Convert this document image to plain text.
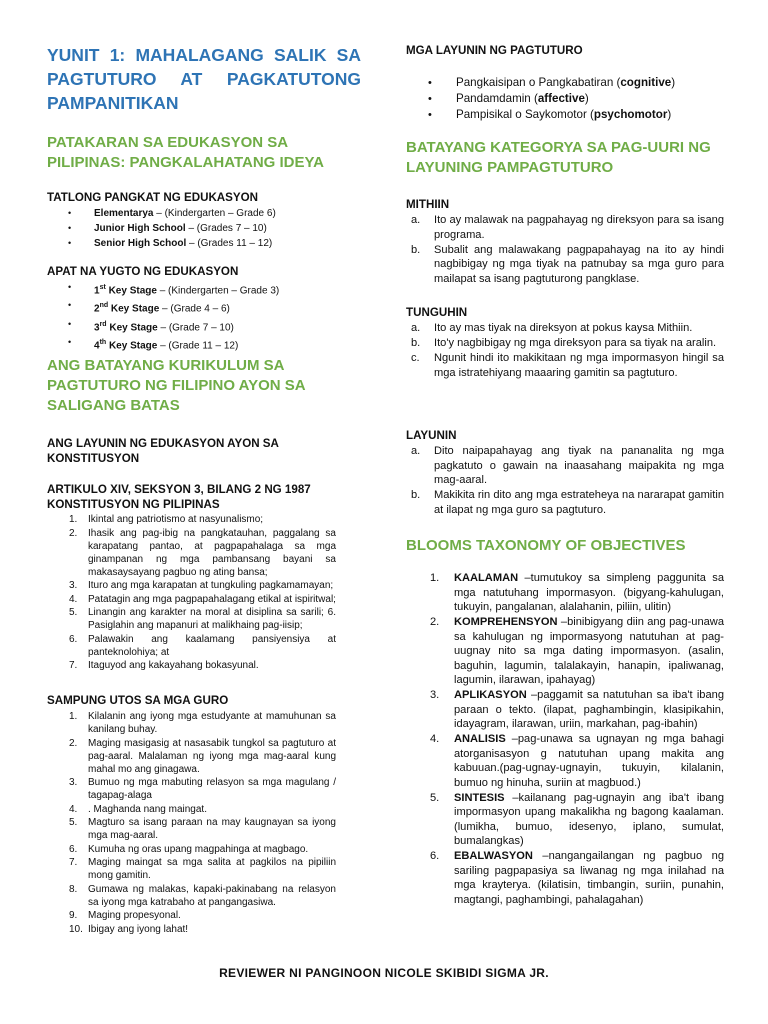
YUNIT 1: MAHALAGANG SALIK SA PAGTUTURO AT PAGKATUTONG PAMPANITIKAN
PATAKARAN SA EDUKASYON SA PILIPINAS: PANGKALAHATANG IDEYA
TATLONG PANGKAT NG EDUKASYON
• Elementarya – (Kindergarten – Grade 6)
• Junior High School – (Grades 7 – 10)
• Senior High School – (Grades 11 – 12)
APAT NA YUGTO NG EDUKASYON
• 1st Key Stage – (Kindergarten – Grade 3)
• 2nd Key Stage – (Grade 4 – 6)
• 3rd Key Stage – (Grade 7 – 10)
• 4th Key Stage – (Grade 11 – 12)
ANG BATAYANG KURIKULUM SA PAGTUTURO NG FILIPINO AYON SA SALIGANG BATAS
ANG LAYUNIN NG EDUKASYON AYON SA KONSTITUSYON
ARTIKULO XIV, SEKSYON 3, BILANG 2 NG 1987 KONSTITUSYON NG PILIPINAS
1. Ikintal ang patriotismo at nasyunalismo;
2. Ihasik ang pag-ibig na pangkatauhan, paggalang sa karapatang pantao, at pagpapahalaga sa mga ginampanan ng mga pambansang bayani sa makasaysayang pagbuo ng ating bansa;
3. Ituro ang mga karapatan at tungkuling pagkamamayan;
4. Patatagin ang mga pagpapahalagang etikal at ispiritwal;
5. Linangin ang karakter na moral at disiplina sa sarili; 6. Pasiglahin ang mapanuri at malikhaing pag-iisip;
6. Palawakin ang kaalamang pansiyensiya at panteknolohiya; at
7. Itaguyod ang kakayahang bokasyunal.
SAMPUNG UTOS SA MGA GURO
1. Kilalanin ang iyong mga estudyante at mamuhunan sa kanilang buhay.
2. Maging masigasig at nasasabik tungkol sa pagtuturo at pag-aaral. Malalaman ng iyong mga mag-aaral kung mahal mo ang ginagawa.
3. Bumuo ng mga mabuting relasyon sa mga magulang / tagapag-alaga
4. . Maghanda nang maingat.
5. Magturo sa isang paraan na may kaugnayan sa iyong mga mag-aaral.
6. Kumuha ng oras upang magpahinga at magbago.
7. Maging maingat sa mga salita at pagkilos na pipiliin mong gamitin.
8. Gumawa ng malakas, kapaki-pakinabang na relasyon sa iyong mga katrabaho at pangangasiwa.
9. Maging propesyonal.
10. Ibigay ang iyong lahat!
MGA LAYUNIN NG PAGTUTURO
• Pangkaisipan o Pangkabatiran (cognitive)
• Pandamdamin (affective)
• Pampisikal o Saykomotor (psychomotor)
BATAYANG KATEGORYA SA PAG-UURI NG LAYUNING PAMPAGTUTURO
MITHIIN
a. Ito ay malawak na pagpahayag ng direksyon para sa isang programa.
b. Subalit ang malawakang pagpapahayag na ito ay hindi nagbibigay ng mga tiyak na patnubay sa mga guro para mailapat sa isang pagtuturong pangklase.
TUNGUHIN
a. Ito ay mas tiyak na direksyon at pokus kaysa Mithiin.
b. Ito'y nagbibigay ng mga direksyon para sa tiyak na aralin.
c. Ngunit hindi ito makikitaan ng mga impormasyon hingil sa mga istratehiyang maaaring gamitin sa pagtuturo.
LAYUNIN
a. Dito naipapahayag ang tiyak na pananalita ng mga pagkatuto o gawain na inaasahang maipakita ng mga mag-aaral.
b. Makikita rin dito ang mga estrateheya na nararapat gamitin at ilapat ng mga guro sa pagtuturo.
BLOOMS TAXONOMY OF OBJECTIVES
1. KAALAMAN –tumutukoy sa simpleng paggunita sa mga natutuhang impormasyon. (bigyang-kahulugan, tukuyin, pangalanan, alalahanin, piliin, ulitin)
2. KOMPREHENSYON –binibigyang diin ang pag-unawa sa kahulugan ng impormasyong natutuhan at pag-uugnay nito sa mga dating impormasyon. (asalin, baguhin, lagumin, talalakayin, hanapin, ipaliwanag, lagumin, ilarawan, ipahayag)
3. APLIKASYON –paggamit sa natutuhan sa iba't ibang paraan o tekto. (ilapat, paghambingin, klasipikahin, idayagram, ilarawan, uriin, markahan, pag-ibahin)
4. ANALISIS –pag-unawa sa ugnayan ng mga bahagi atorganisasyon g natutuhan upang makita ang kabuuan.(pag-ugnay-ugnayin, tukuyin, kilalanin, bumuo ng hinuha, suriin at magbuod.)
5. SINTESIS –kailanang pag-ugnayin ang iba't ibang impormasyon upang makalikha ng bagong kaalaman. (lumikha, bumuo, idesenyo, iplano, sumulat, bumalangkas)
6. EBALWASYON –nangangailangan ng pagbuo ng sariling pagpapasiya sa liwanag ng mga inilahad na mga krayterya. (kilatisin, timbangin, suriin, punahin, magtangi, paghambingi, pahalagahan)
REVIEWER NI PANGINOON NICOLE SKIBIDI SIGMA JR.
